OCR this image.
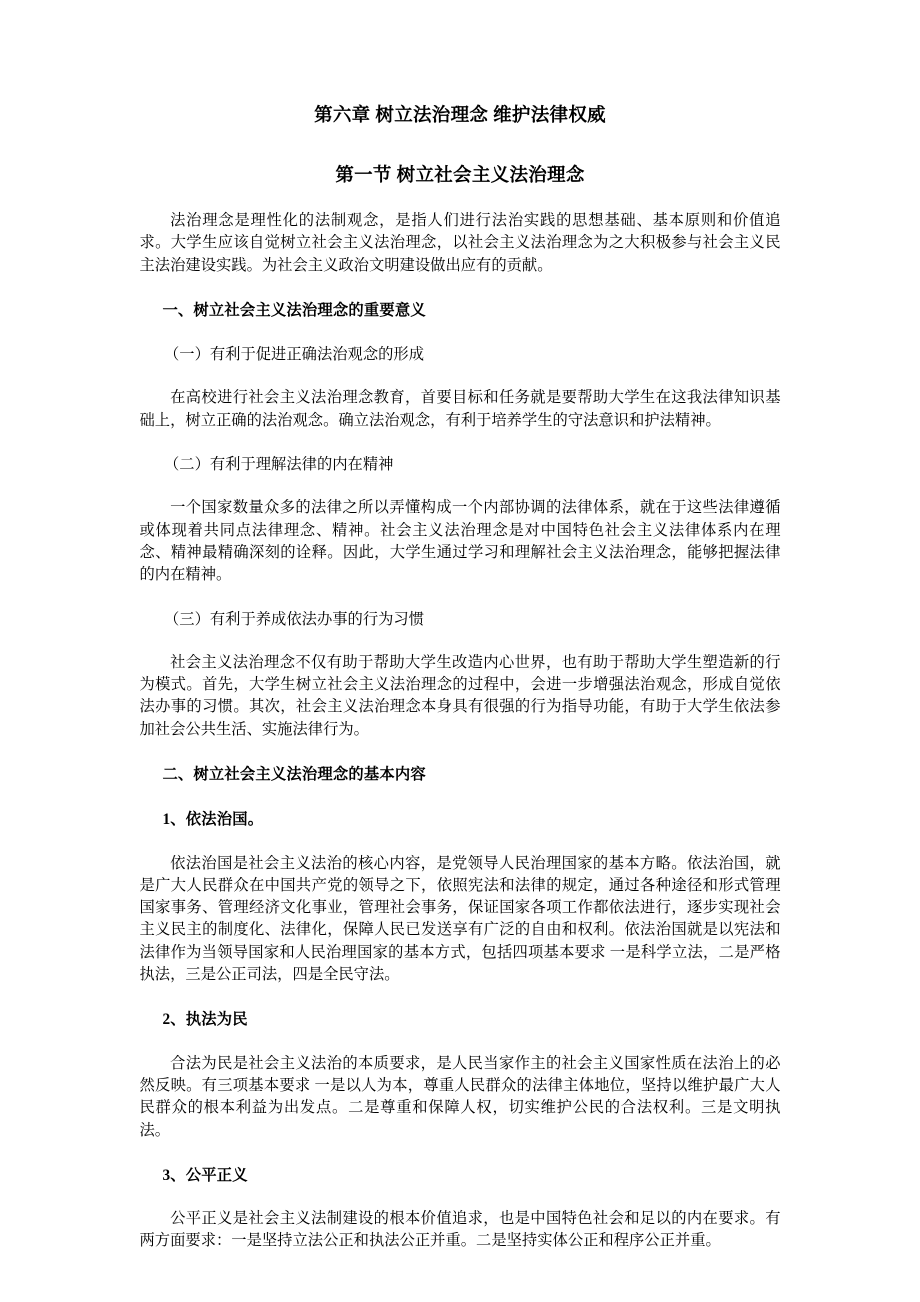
第六章 树立法治理念 维护法律权威
第一节 树立社会主义法治理念

法治理念是理性化的法制观念，是指人们进行法治实践的思想基础、基本原则和价值追求。大学生应该自觉树立社会主义法治理念，以社会主义法治理念为之大积极参与社会主义民主法治建设实践。为社会主义政治文明建设做出应有的贡献。

一、树立社会主义法治理念的重要意义
（一）有利于促进正确法治观念的形成

在高校进行社会主义法治理念教育，首要目标和任务就是要帮助大学生在这我法律知识基础上，树立正确的法治观念。确立法治观念，有利于培养学生的守法意识和护法精神。

（二）有利于理解法律的内在精神

一个国家数量众多的法律之所以弄懂构成一个内部协调的法律体系，就在于这些法律遵循或体现着共同点法律理念、精神。社会主义法治理念是对中国特色社会主义法律体系内在理念、精神最精确深刻的诠释。因此，大学生通过学习和理解社会主义法治理念，能够把握法律的内在精神。

（三）有利于养成依法办事的行为习惯

社会主义法治理念不仅有助于帮助大学生改造内心世界，也有助于帮助大学生塑造新的行为模式。首先，大学生树立社会主义法治理念的过程中，会进一步增强法治观念，形成自觉依法办事的习惯。其次，社会主义法治理念本身具有很强的行为指导功能，有助于大学生依法参加社会公共生活、实施法律行为。

二、树立社会主义法治理念的基本内容
1、依法治国。

依法治国是社会主义法治的核心内容，是党领导人民治理国家的基本方略。依法治国，就是广大人民群众在中国共产党的领导之下，依照宪法和法律的规定，通过各种途径和形式管理国家事务、管理经济文化事业，管理社会事务，保证国家各项工作都依法进行，逐步实现社会主义民主的制度化、法律化，保障人民已发送享有广泛的自由和权利。依法治国就是以宪法和法律作为当领导国家和人民治理国家的基本方式，包括四项基本要求 一是科学立法，二是严格执法，三是公正司法，四是全民守法。

2、执法为民

合法为民是社会主义法治的本质要求，是人民当家作主的社会主义国家性质在法治上的必然反映。有三项基本要求 一是以人为本，尊重人民群众的法律主体地位，坚持以维护最广大人民群众的根本利益为出发点。二是尊重和保障人权，切实维护公民的合法权利。三是文明执法。

3、公平正义

公平正义是社会主义法制建设的根本价值追求，也是中国特色社会和足以的内在要求。有两方面要求：一是坚持立法公正和执法公正并重。二是坚持实体公正和程序公正并重。
